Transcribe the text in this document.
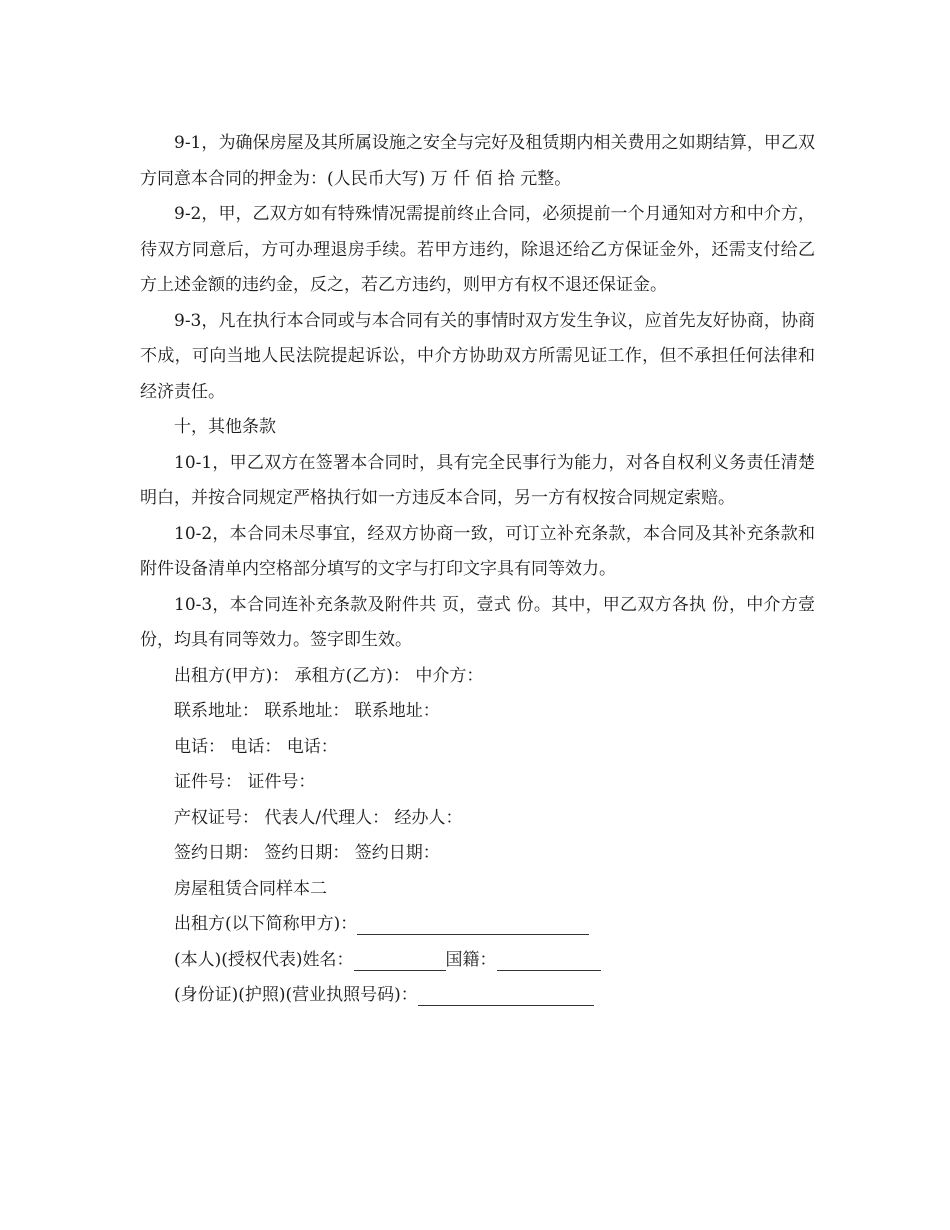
9-1，为确保房屋及其所属设施之安全与完好及租赁期内相关费用之如期结算，甲乙双方同意本合同的押金为：(人民币大写) 万 仟 佰 拾 元整。

9-2，甲，乙双方如有特殊情况需提前终止合同，必须提前一个月通知对方和中介方，待双方同意后，方可办理退房手续。若甲方违约，除退还给乙方保证金外，还需支付给乙方上述金额的违约金，反之，若乙方违约，则甲方有权不退还保证金。

9-3，凡在执行本合同或与本合同有关的事情时双方发生争议，应首先友好协商，协商不成，可向当地人民法院提起诉讼，中介方协助双方所需见证工作，但不承担任何法律和经济责任。

十，其他条款

10-1，甲乙双方在签署本合同时，具有完全民事行为能力，对各自权利义务责任清楚明白，并按合同规定严格执行如一方违反本合同，另一方有权按合同规定索赔。

10-2，本合同未尽事宜，经双方协商一致，可订立补充条款，本合同及其补充条款和附件设备清单内空格部分填写的文字与打印文字具有同等效力。

10-3，本合同连补充条款及附件共 页，壹式 份。其中，甲乙双方各执 份，中介方壹份，均具有同等效力。签字即生效。

出租方(甲方)： 承租方(乙方)： 中介方：

联系地址： 联系地址： 联系地址：

电话： 电话： 电话：

证件号： 证件号：

产权证号： 代表人/代理人： 经办人：

签约日期： 签约日期： 签约日期：

房屋租赁合同样本二

出租方(以下简称甲方)：

(本人)(授权代表)姓名：	国籍：

(身份证)(护照)(营业执照号码)：
